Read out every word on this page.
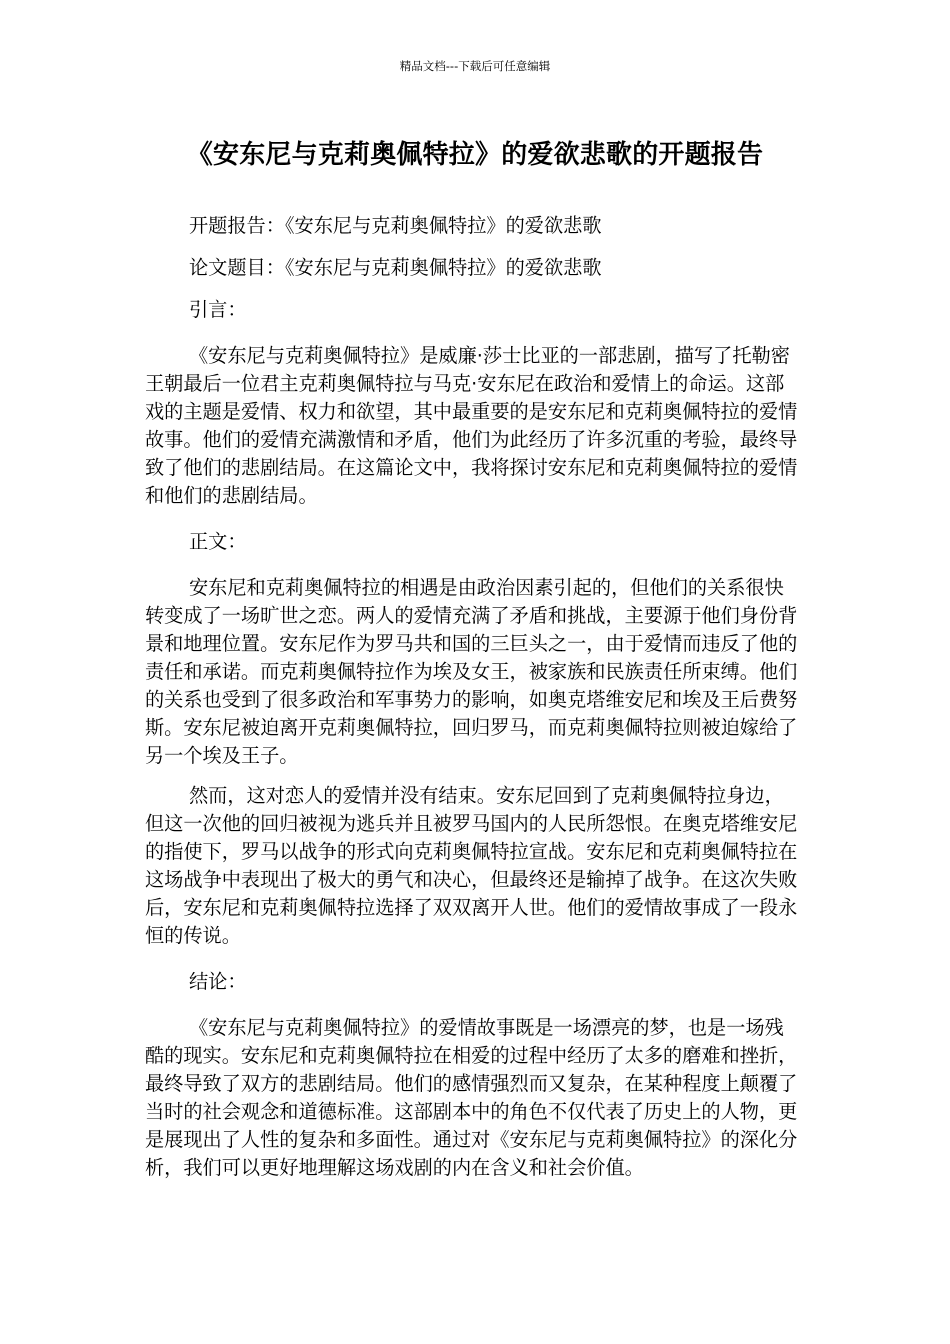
精品文档---下载后可任意编辑
《安东尼与克莉奥佩特拉》的爱欲悲歌的开题报告

开题报告：《安东尼与克莉奥佩特拉》的爱欲悲歌

论文题目：《安东尼与克莉奥佩特拉》的爱欲悲歌

引言：

《安东尼与克莉奥佩特拉》是威廉·莎士比亚的一部悲剧，描写了托勒密王朝最后一位君主克莉奥佩特拉与马克·安东尼在政治和爱情上的命运。这部戏的主题是爱情、权力和欲望，其中最重要的是安东尼和克莉奥佩特拉的爱情故事。他们的爱情充满激情和矛盾，他们为此经历了许多沉重的考验，最终导致了他们的悲剧结局。在这篇论文中，我将探讨安东尼和克莉奥佩特拉的爱情和他们的悲剧结局。

正文：

安东尼和克莉奥佩特拉的相遇是由政治因素引起的，但他们的关系很快转变成了一场旷世之恋。两人的爱情充满了矛盾和挑战，主要源于他们身份背景和地理位置。安东尼作为罗马共和国的三巨头之一，由于爱情而违反了他的责任和承诺。而克莉奥佩特拉作为埃及女王，被家族和民族责任所束缚。他们的关系也受到了很多政治和军事势力的影响，如奥克塔维安尼和埃及王后费努斯。安东尼被迫离开克莉奥佩特拉，回归罗马，而克莉奥佩特拉则被迫嫁给了另一个埃及王子。

然而，这对恋人的爱情并没有结束。安东尼回到了克莉奥佩特拉身边，但这一次他的回归被视为逃兵并且被罗马国内的人民所怨恨。在奥克塔维安尼的指使下，罗马以战争的形式向克莉奥佩特拉宣战。安东尼和克莉奥佩特拉在这场战争中表现出了极大的勇气和决心，但最终还是输掉了战争。在这次失败后，安东尼和克莉奥佩特拉选择了双双离开人世。他们的爱情故事成了一段永恒的传说。

结论：

《安东尼与克莉奥佩特拉》的爱情故事既是一场漂亮的梦，也是一场残酷的现实。安东尼和克莉奥佩特拉在相爱的过程中经历了太多的磨难和挫折，最终导致了双方的悲剧结局。他们的感情强烈而又复杂，在某种程度上颠覆了当时的社会观念和道德标准。这部剧本中的角色不仅代表了历史上的人物，更是展现出了人性的复杂和多面性。通过对《安东尼与克莉奥佩特拉》的深化分析，我们可以更好地理解这场戏剧的内在含义和社会价值。
